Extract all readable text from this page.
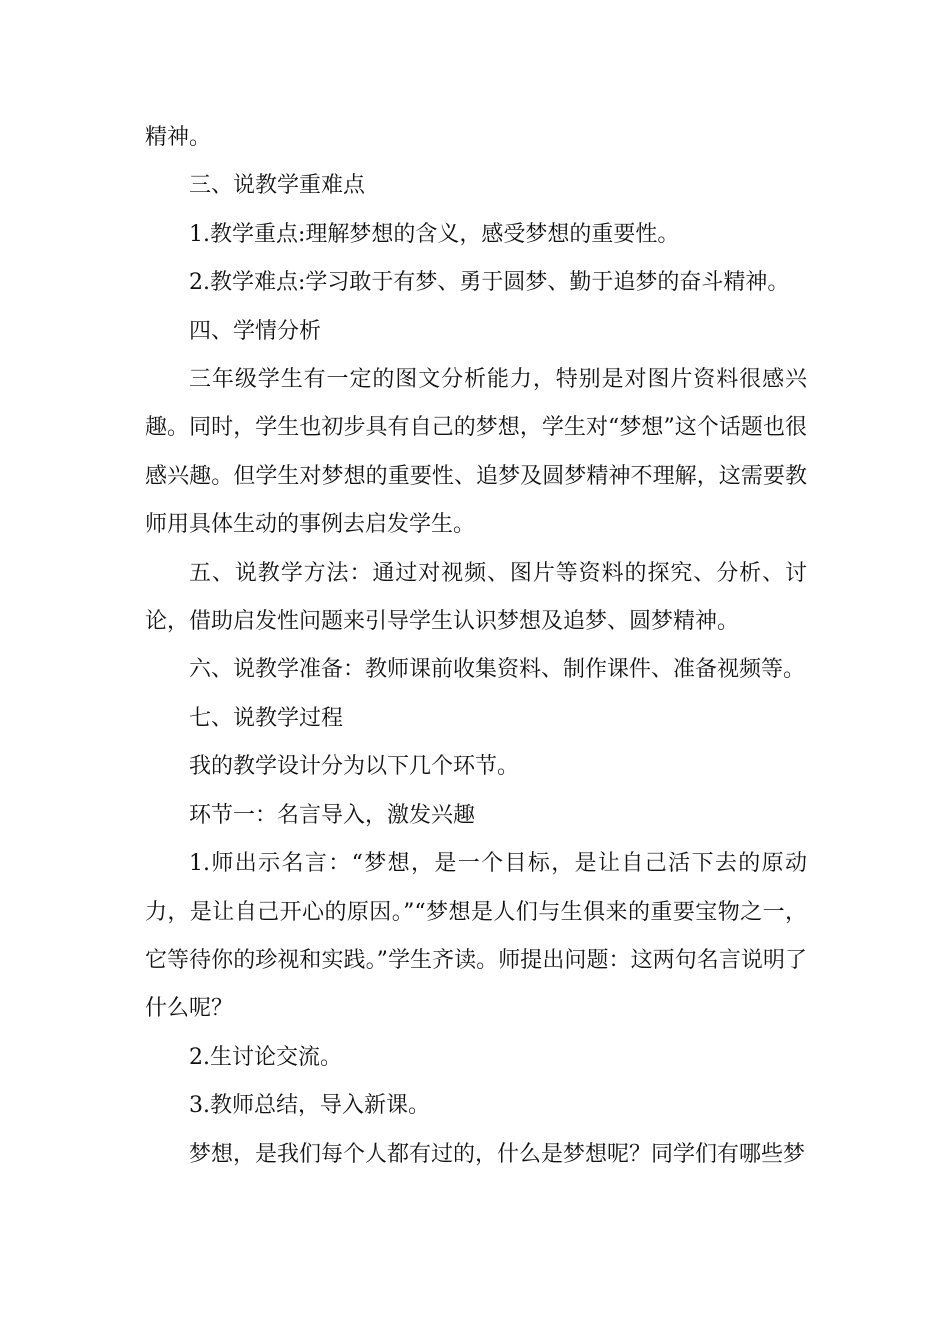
精神。

三、说教学重难点

1.教学重点:理解梦想的含义，感受梦想的重要性。

2.教学难点:学习敢于有梦、勇于圆梦、勤于追梦的奋斗精神。

四、学情分析

三年级学生有一定的图文分析能力，特别是对图片资料很感兴趣。同时，学生也初步具有自己的梦想，学生对“梦想”这个话题也很感兴趣。但学生对梦想的重要性、追梦及圆梦精神不理解，这需要教师用具体生动的事例去启发学生。

五、说教学方法：通过对视频、图片等资料的探究、分析、讨论，借助启发性问题来引导学生认识梦想及追梦、圆梦精神。

六、说教学准备：教师课前收集资料、制作课件、准备视频等。

七、说教学过程

我的教学设计分为以下几个环节。

环节一：名言导入，激发兴趣

1.师出示名言：“梦想，是一个目标，是让自己活下去的原动力，是让自己开心的原因。”“梦想是人们与生俱来的重要宝物之一，它等待你的珍视和实践。”学生齐读。师提出问题：这两句名言说明了什么呢？

2.生讨论交流。

3.教师总结，导入新课。

梦想，是我们每个人都有过的，什么是梦想呢？同学们有哪些梦
